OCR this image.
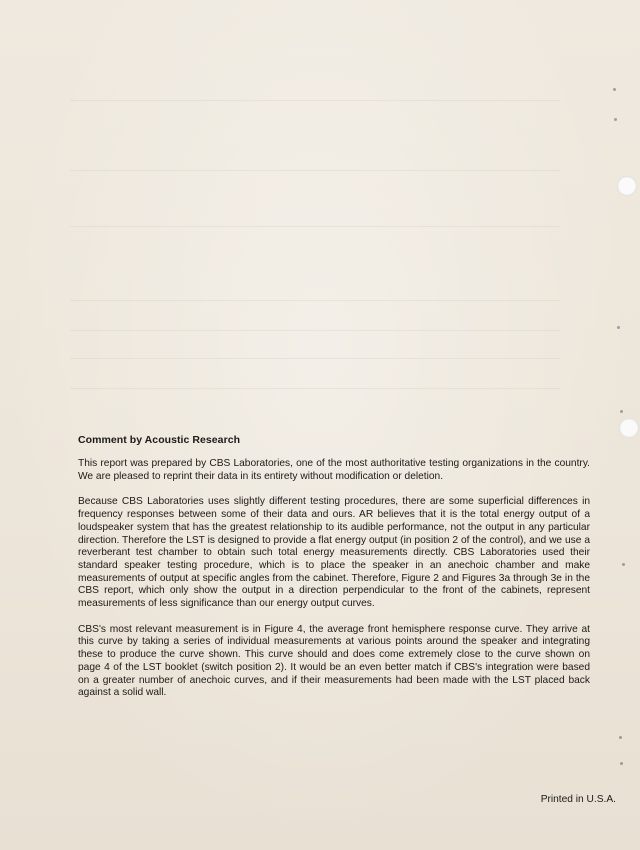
Comment by Acoustic Research

This report was prepared by CBS Laboratories, one of the most authoritative testing organizations in the country. We are pleased to reprint their data in its entirety without modification or deletion.

Because CBS Laboratories uses slightly different testing procedures, there are some superficial differences in frequency responses between some of their data and ours. AR believes that it is the total energy output of a loudspeaker system that has the greatest relationship to its audible performance, not the output in any particular direction. Therefore the LST is designed to provide a flat energy output (in position 2 of the control), and we use a reverberant test chamber to obtain such total energy measurements directly. CBS Laboratories used their standard speaker testing procedure, which is to place the speaker in an anechoic chamber and make measurements of output at specific angles from the cabinet. Therefore, Figure 2 and Figures 3a through 3e in the CBS report, which only show the output in a direction perpendicular to the front of the cabinets, represent measurements of less significance than our energy output curves.

CBS's most relevant measurement is in Figure 4, the average front hemisphere response curve. They arrive at this curve by taking a series of individual measurements at various points around the speaker and integrating these to produce the curve shown. This curve should and does come extremely close to the curve shown on page 4 of the LST booklet (switch position 2). It would be an even better match if CBS's integration were based on a greater number of anechoic curves, and if their measurements had been made with the LST placed back against a solid wall.

Printed in U.S.A.
